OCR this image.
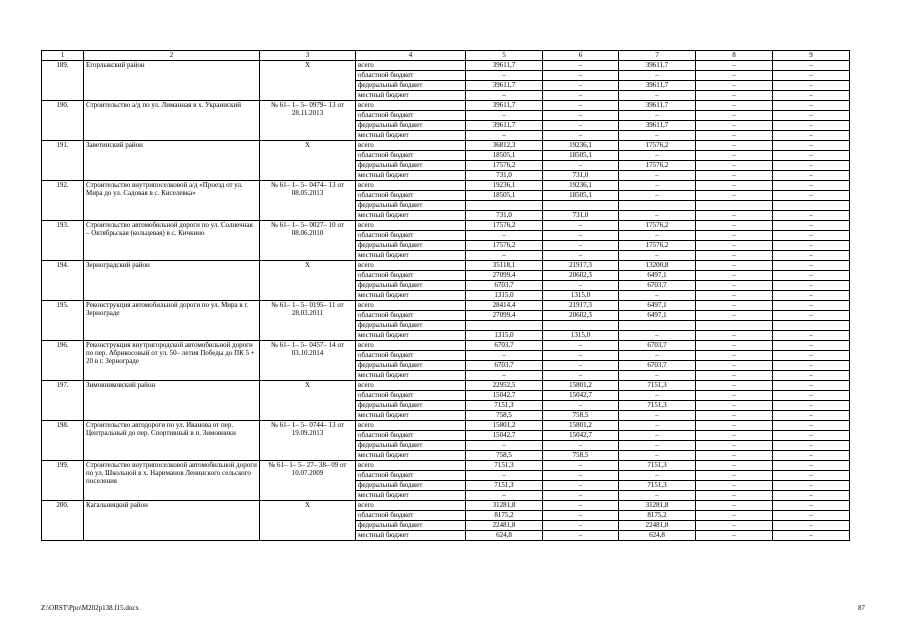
1	2	3	4	5	6	7	8	9
189.	Егорлыкский район	X	всего	39611,7	–	39611,7	–	–
			областной бюджет	–	–	–	–	–
			федеральный бюджет	39611,7	–	39611,7	–	–
			местный бюджет	–	–	–	–	–
190.	Строительство а/д по ул. Лиманная в х. Украинский	№ 61– 1– 5– 0979– 13 от 28.11.2013	всего	39611,7	–	39611,7	–	–
			областной бюджет	–	–	–	–	–
			федеральный бюджет	39611,7	–	39611,7	–	–
			местный бюджет	–	–	–	–	–
191.	Заветинский район	X	всего	36812,3	19236,1	17576,2	–	–
			областной бюджет	18505,1	18505,1	–	–	–
			федеральный бюджет	17576,2	–	17576,2	–	–
			местный бюджет	731,0	731,0	–	–	–
192.	Строительство внутрипоселковой а/д «Проезд от ул. Мира до ул. Садовая в с. Киселевка»	№ 61– 1– 5– 0474– 13 от 08.05.2013	всего	19236,1	19236,1	–	–	–
			областной бюджет	18505,1	18505,1	–	–	–
			федеральный бюджет					
			местный бюджет	731,0	731,0	–	–	–
193.	Строительство автомобильной дороги по ул. Солнечная – Октябрьская (кольцевая) в с. Кичкино	№ 61– 1– 5– 0027– 10 от 08.06.2010	всего	17576,2	–	17576,2	–	–
			областной бюджет	–	–	–	–	–
			федеральный бюджет	17576,2	–	17576,2	–	–
			местный бюджет	–	–	–	–	–
194.	Зерноградский район	X	всего	35118,1	21917,3	13200,8	–	–
			областной бюджет	27099,4	20602,3	6497,1	–	–
			федеральный бюджет	6703,7	–	6703,7	–	–
			местный бюджет	1315,0	1315,0	–	–	–
195.	Реконструкция автомобильной дороги по ул. Мира в г. Зернограде	№ 61– 1– 5– 0195– 11 от 28.03.2011	всего	28414,4	21917,3	6497,1	–	–
			областной бюджет	27099,4	20602,3	6497,1	–	–
			федеральный бюджет					
			местный бюджет	1315,0	1315,0	–	–	–
196.	Реконструкция внутригородской автомобильной дороги по пер. Абрикосовый от ул. 50– летия Победы до ПК 5 + 20 в г. Зернограде	№ 61– 1– 5– 0457– 14 от 03.10.2014	всего	6703,7	–	6703,7	–	–
			областной бюджет	–	–	–	–	–
			федеральный бюджет	6703,7	–	6703,7	–	–
			местный бюджет	–	–	–	–	–
197.	Зимовниковский район	X	всего	22952,5	15801,2	7151,3	–	–
			областной бюджет	15042,7	15042,7	–	–	–
			федеральный бюджет	7151,3	–	7151,3	–	–
			местный бюджет	758,5	758,5	–	–	–
198.	Строительство автодороги по ул. Иванова от пер. Центральный до пер. Спортивный в п. Зимовники	№ 61– 1– 5– 0744– 13 от 19.09.2013	всего	15801,2	15801,2	–	–	–
			областной бюджет	15042,7	15042,7	–	–	–
			федеральный бюджет	–	–	–	–	–
			местный бюджет	758,5	758,5	–	–	–
199.	Строительство внутрипоселковой автомобильной дороги по ул. Школьной в х. Нариманов Ленинского сельского поселения	№ 61– 1– 5– 27– 38– 09 от 10.07.2009	всего	7151,3	–	7151,3	–	–
			областной бюджет	–	–	–	–	–
			федеральный бюджет	7151,3	–	7151,3	–	–
			местный бюджет	–	–	–	–	–
200.	Кагальницкий район	X	всего	31281,8	–	31281,8	–	–
			областной бюджет	8175,2	–	8175,2	–	–
			федеральный бюджет	22481,8	–	22481,8	–	–
			местный бюджет	624,8	–	624,8	–	–
Z:\ORST\Ppo\M202p138.f15.docx	87
